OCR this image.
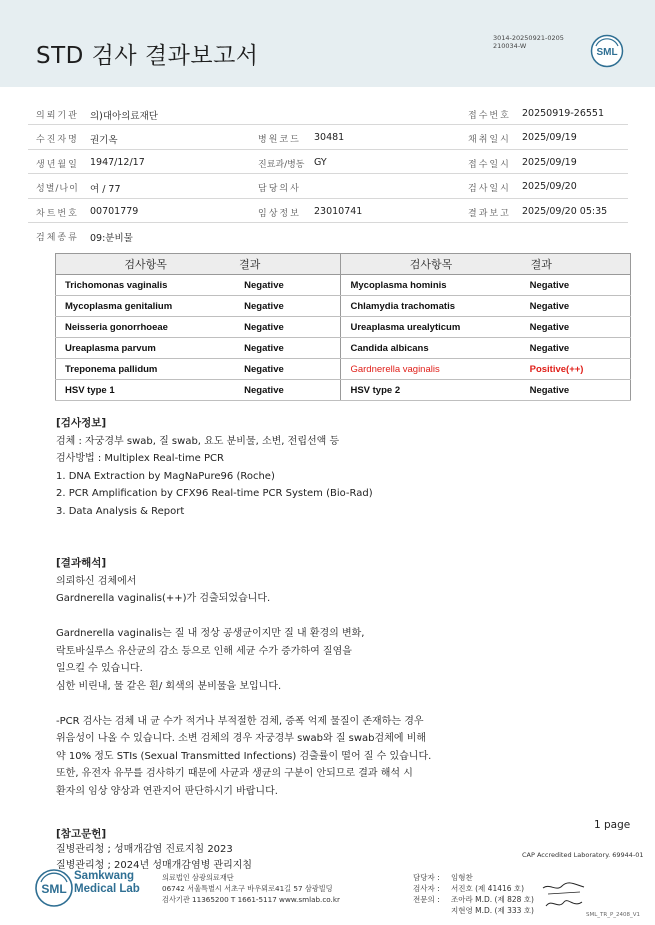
STD 검사 결과보고서
3014-20250921-0205
210034-W
SML
의뢰기관 의)대아의료재단	접수번호 20250919-26551
수진자명 권기옥	병원코드 30481	채취일시 2025/09/19
생년월일 1947/12/17	진료과/병동 GY	접수일시 2025/09/19
성별/나이 여 / 77	담당의사	검사일시 2025/09/20
차트번호 00701779	임상정보 23010741	결과보고 2025/09/20 05:35
검체종류 09:분비물
검사항목	결과	검사항목	결과
Trichomonas vaginalis	Negative	Mycoplasma hominis	Negative
Mycoplasma genitalium	Negative	Chlamydia trachomatis	Negative
Neisseria gonorrhoeae	Negative	Ureaplasma urealyticum	Negative
Ureaplasma parvum	Negative	Candida albicans	Negative
Treponema pallidum	Negative	Gardnerella vaginalis	Positive(++)
HSV type 1	Negative	HSV type 2	Negative
[검사정보]
검체 : 자궁경부 swab, 질 swab, 요도 분비물, 소변, 전립선액 등
검사방법 : Multiplex Real-time PCR
1. DNA Extraction by MagNaPure96 (Roche)
2. PCR Amplification by CFX96 Real-time PCR System (Bio-Rad)
3. Data Analysis & Report
[결과해석]
의뢰하신 검체에서
Gardnerella vaginalis(++)가 검출되었습니다.
Gardnerella vaginalis는 질 내 정상 공생균이지만 질 내 환경의 변화,
락토바실루스 유산균의 감소 등으로 인해 세균 수가 증가하여 질염을
일으킬 수 있습니다.
심한 비린내, 물 같은 흰/ 회색의 분비물을 보입니다.
-PCR 검사는 검체 내 균 수가 적거나 부적절한 검체, 증폭 억제 물질이 존재하는 경우
위음성이 나올 수 있습니다. 소변 검체의 경우 자궁경부 swab와 질 swab검체에 비해
약 10% 정도 STIs (Sexual Transmitted Infections) 검출률이 떨어 질 수 있습니다.
또한, 유전자 유무를 검사하기 때문에 사균과 생균의 구분이 안되므로 결과 해석 시
환자의 임상 양상과 연관지어 판단하시기 바랍니다.
1 page
[참고문헌]
질병관리청 ; 성매개감염 진료지침 2023
질병관리청 ; 2024년 성매개감염병 관리지침
CAP Accredited Laboratory. 69944-01
SML
Samkwang
Medical Lab
의료법인 삼광의료재단
06742 서울특별시 서초구 바우뫼로41길 57 삼광빌딩
검사기관 11365200 T 1661-5117 www.smlab.co.kr
담당자 : 임형찬
검사자 : 서진호 (제 41416 호)
전문의 : 조아라 M.D. (제 828 호)
지현영 M.D. (제 333 호)	SML_TR_P_2408_V1
